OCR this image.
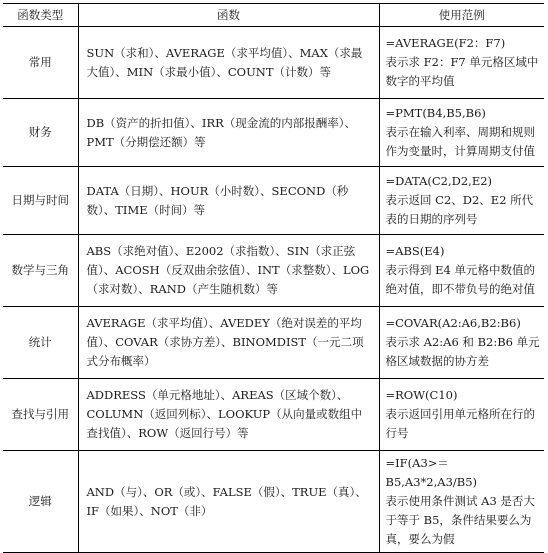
函数类型	函数	使用范例
常用	SUN（求和）、AVERAGE（求平均值）、MAX（求最大值）、MIN（求最小值）、COUNT（计数）等	=AVERAGE(F2：F7)
表示求 F2：F7 单元格区域中数字的平均值

财务	DB（资产的折扣值）、IRR（现金流的内部报酬率）、PMT（分期偿还额）等	=PMT(B4,B5,B6)
表示在输入利率、周期和规则作为变量时，计算周期支付值

日期与时间	DATA（日期）、HOUR（小时数）、SECOND（秒数）、TIME（时间）等	=DATA(C2,D2,E2)
表示返回 C2、D2、E2 所代表的日期的序列号

数学与三角	ABS（求绝对值）、E2002（求指数）、SIN（求正弦值）、ACOSH（反双曲余弦值）、INT（求整数）、LOG（求对数）、RAND（产生随机数）等	=ABS(E4)
表示得到 E4 单元格中数值的绝对值，即不带负号的绝对值

统计	AVERAGE（求平均值）、AVEDEY（绝对误差的平均值）、COVAR（求协方差）、BINOMDIST（一元二项式分布概率）	=COVAR(A2:A6,B2:B6)
表示求 A2:A6 和 B2:B6 单元格区域数据的协方差

查找与引用	ADDRESS（单元格地址）、AREAS（区域个数）、COLUMN（返回列标）、LOOKUP（从向量或数组中查找值）、ROW（返回行号）等	=ROW(C10)
表示返回引用单元格所在行的行号

逻辑	AND（与）、OR（或）、FALSE（假）、TRUE（真）、IF（如果）、NOT（非）	=IF(A3>＝B5,A3*2,A3/B5)
表示使用条件测试 A3 是否大于等于 B5，条件结果要么为真，要么为假
